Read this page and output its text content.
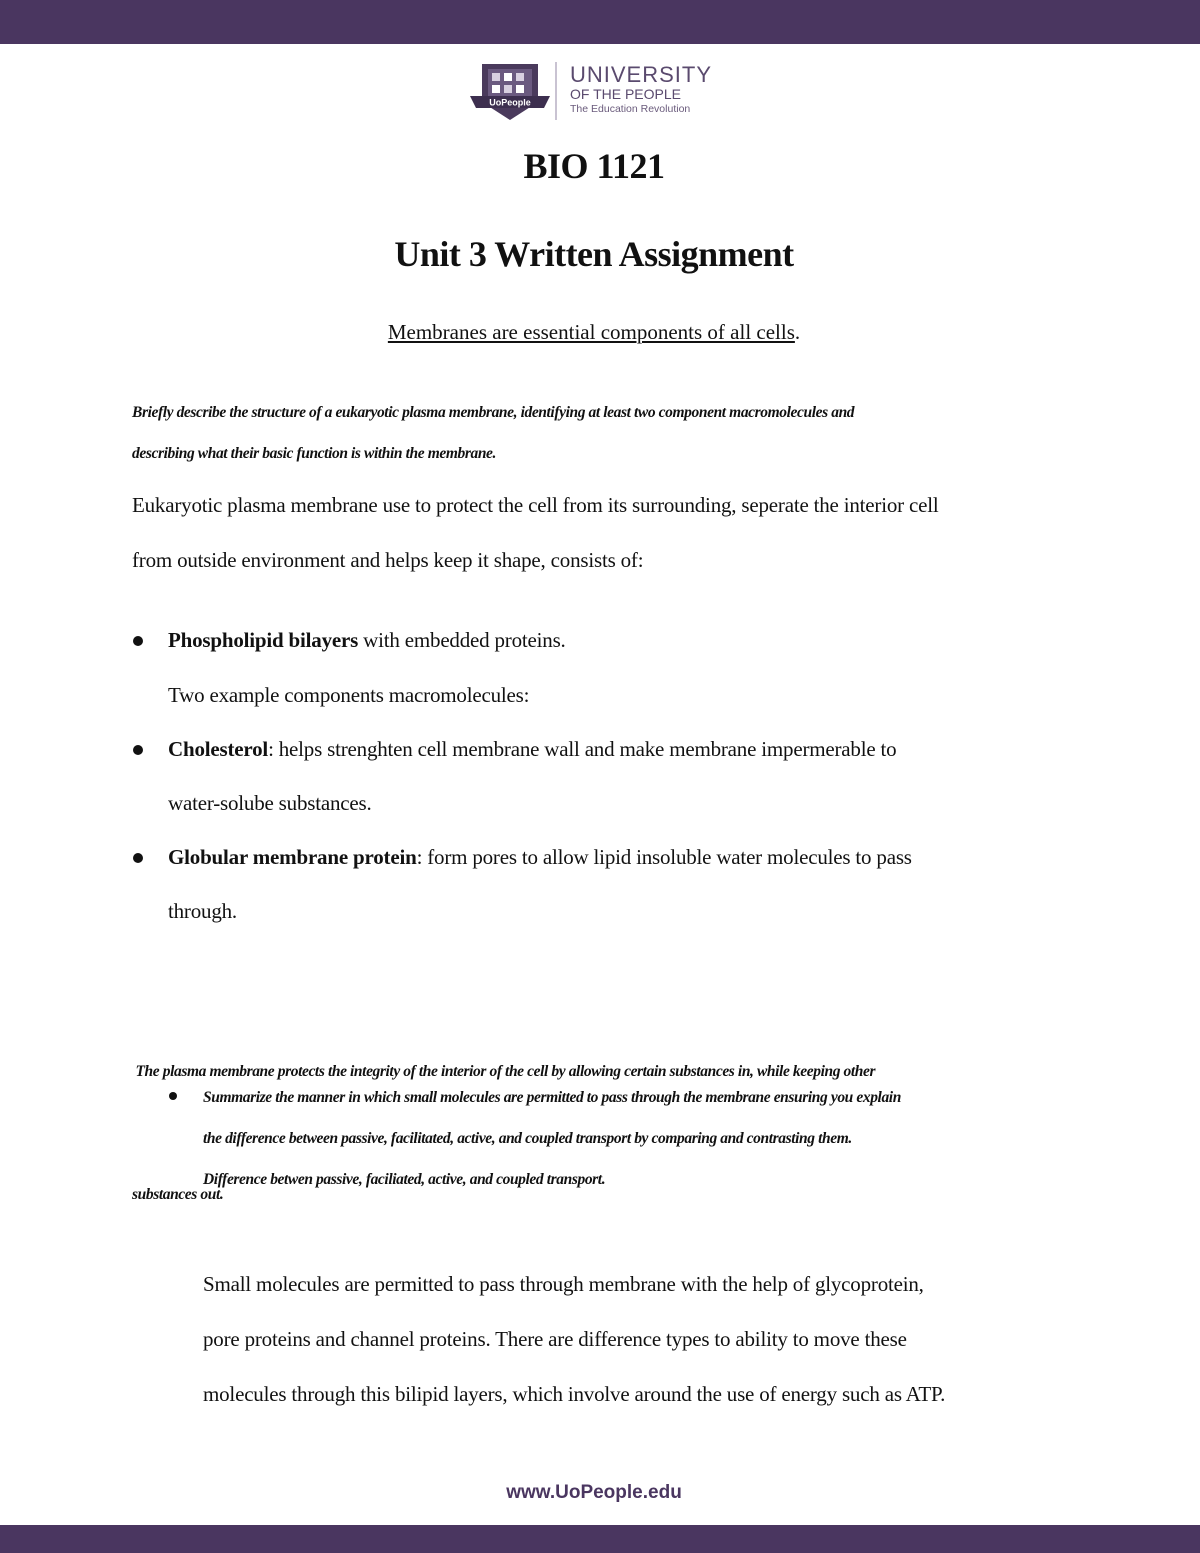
UoPeople
UNIVERSITY
OF THE PEOPLE
The Education Revolution
BIO 1121
Unit 3 Written Assignment
Membranes are essential components of all cells.
Briefly describe the structure of a eukaryotic plasma membrane, identifying at least two component macromolecules and
describing what their basic function is within the membrane.
Eukaryotic plasma membrane use to protect the cell from its surrounding, seperate the interior cell
from outside environment and helps keep it shape, consists of:
Phospholipid bilayers with embedded proteins.
Two example components macromolecules:
Cholesterol: helps strenghten cell membrane wall and make membrane impermerable to
water-solube substances.
Globular membrane protein: form pores to allow lipid insoluble water molecules to pass
through.

The plasma membrane protects the integrity of the interior of the cell by allowing certain substances in, while keeping other

substances out.

Summarize the manner in which small molecules are permitted to pass through the membrane ensuring you explain
the difference between passive, facilitated, active, and coupled transport by comparing and contrasting them.
Difference betwen passive, faciliated, active, and coupled transport.
Small molecules are permitted to pass through membrane with the help of glycoprotein,
pore proteins and channel proteins. There are difference types to ability to move these
molecules through this bilipid layers, which involve around the use of energy such as ATP.
www.UoPeople.edu
